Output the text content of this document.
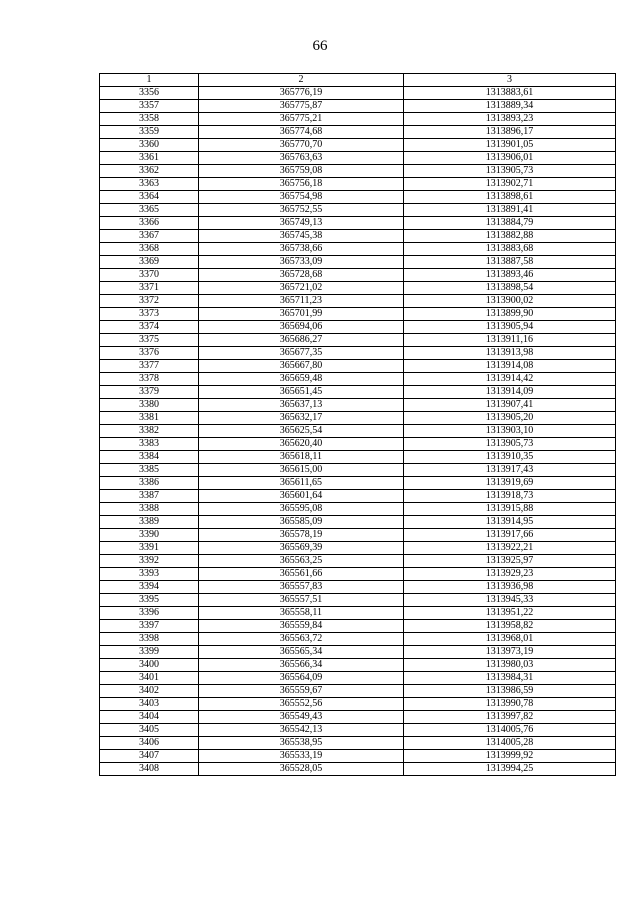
66
1	2	3
3356	365776,19	1313883,61
3357	365775,87	1313889,34
3358	365775,21	1313893,23
3359	365774,68	1313896,17
3360	365770,70	1313901,05
3361	365763,63	1313906,01
3362	365759,08	1313905,73
3363	365756,18	1313902,71
3364	365754,98	1313898,61
3365	365752,55	1313891,41
3366	365749,13	1313884,79
3367	365745,38	1313882,88
3368	365738,66	1313883,68
3369	365733,09	1313887,58
3370	365728,68	1313893,46
3371	365721,02	1313898,54
3372	365711,23	1313900,02
3373	365701,99	1313899,90
3374	365694,06	1313905,94
3375	365686,27	1313911,16
3376	365677,35	1313913,98
3377	365667,80	1313914,08
3378	365659,48	1313914,42
3379	365651,45	1313914,09
3380	365637,13	1313907,41
3381	365632,17	1313905,20
3382	365625,54	1313903,10
3383	365620,40	1313905,73
3384	365618,11	1313910,35
3385	365615,00	1313917,43
3386	365611,65	1313919,69
3387	365601,64	1313918,73
3388	365595,08	1313915,88
3389	365585,09	1313914,95
3390	365578,19	1313917,66
3391	365569,39	1313922,21
3392	365563,25	1313925,97
3393	365561,66	1313929,23
3394	365557,83	1313936,98
3395	365557,51	1313945,33
3396	365558,11	1313951,22
3397	365559,84	1313958,82
3398	365563,72	1313968,01
3399	365565,34	1313973,19
3400	365566,34	1313980,03
3401	365564,09	1313984,31
3402	365559,67	1313986,59
3403	365552,56	1313990,78
3404	365549,43	1313997,82
3405	365542,13	1314005,76
3406	365538,95	1314005,28
3407	365533,19	1313999,92
3408	365528,05	1313994,25
